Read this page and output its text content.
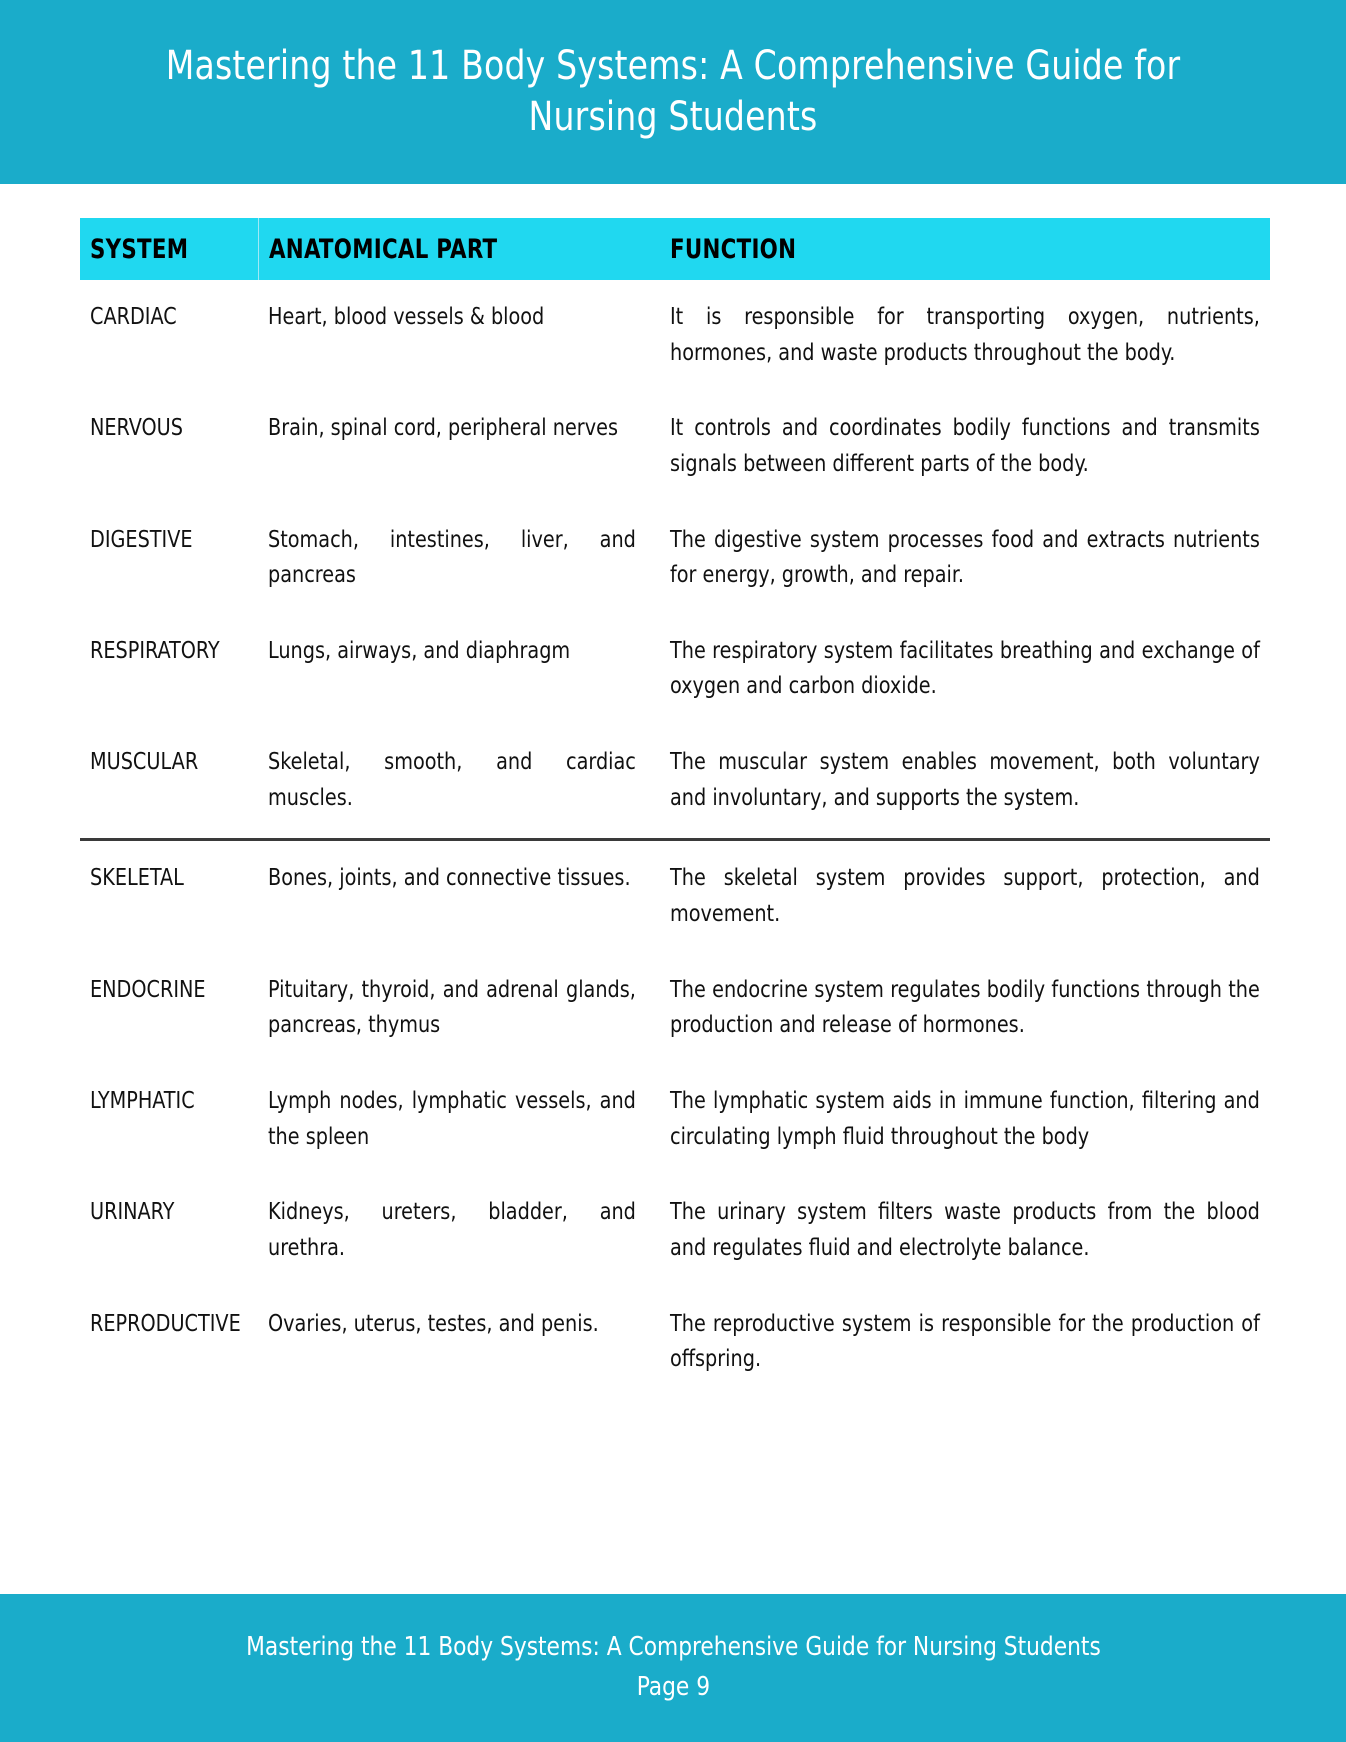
Mastering the 11 Body Systems: A Comprehensive Guide for Nursing Students
SYSTEM	ANATOMICAL PART	FUNCTION

CARDIAC	Heart, blood vessels & blood	It is responsible for transporting oxygen, nutrients, hormones, and waste products throughout the body.

NERVOUS	Brain, spinal cord, peripheral nerves	It controls and coordinates bodily functions and transmits signals between different parts of the body.

DIGESTIVE	Stomach, intestines, liver, and pancreas	The digestive system processes food and extracts nutrients for energy, growth, and repair.

RESPIRATORY	Lungs, airways, and diaphragm	The respiratory system facilitates breathing and exchange of oxygen and carbon dioxide.

MUSCULAR	Skeletal, smooth, and cardiac muscles.	The muscular system enables movement, both voluntary and involuntary, and supports the system.

SKELETAL	Bones, joints, and connective tissues.	The skeletal system provides support, protection, and movement.

ENDOCRINE	Pituitary, thyroid, and adrenal glands, pancreas, thymus	The endocrine system regulates bodily functions through the production and release of hormones.

LYMPHATIC	Lymph nodes, lymphatic vessels, and the spleen	The lymphatic system aids in immune function, filtering and circulating lymph fluid throughout the body

URINARY	Kidneys, ureters, bladder, and urethra.	The urinary system filters waste products from the blood and regulates fluid and electrolyte balance.

REPRODUCTIVE	Ovaries, uterus, testes, and penis.	The reproductive system is responsible for the production of offspring.
Mastering the 11 Body Systems: A Comprehensive Guide for Nursing Students
Page 9
